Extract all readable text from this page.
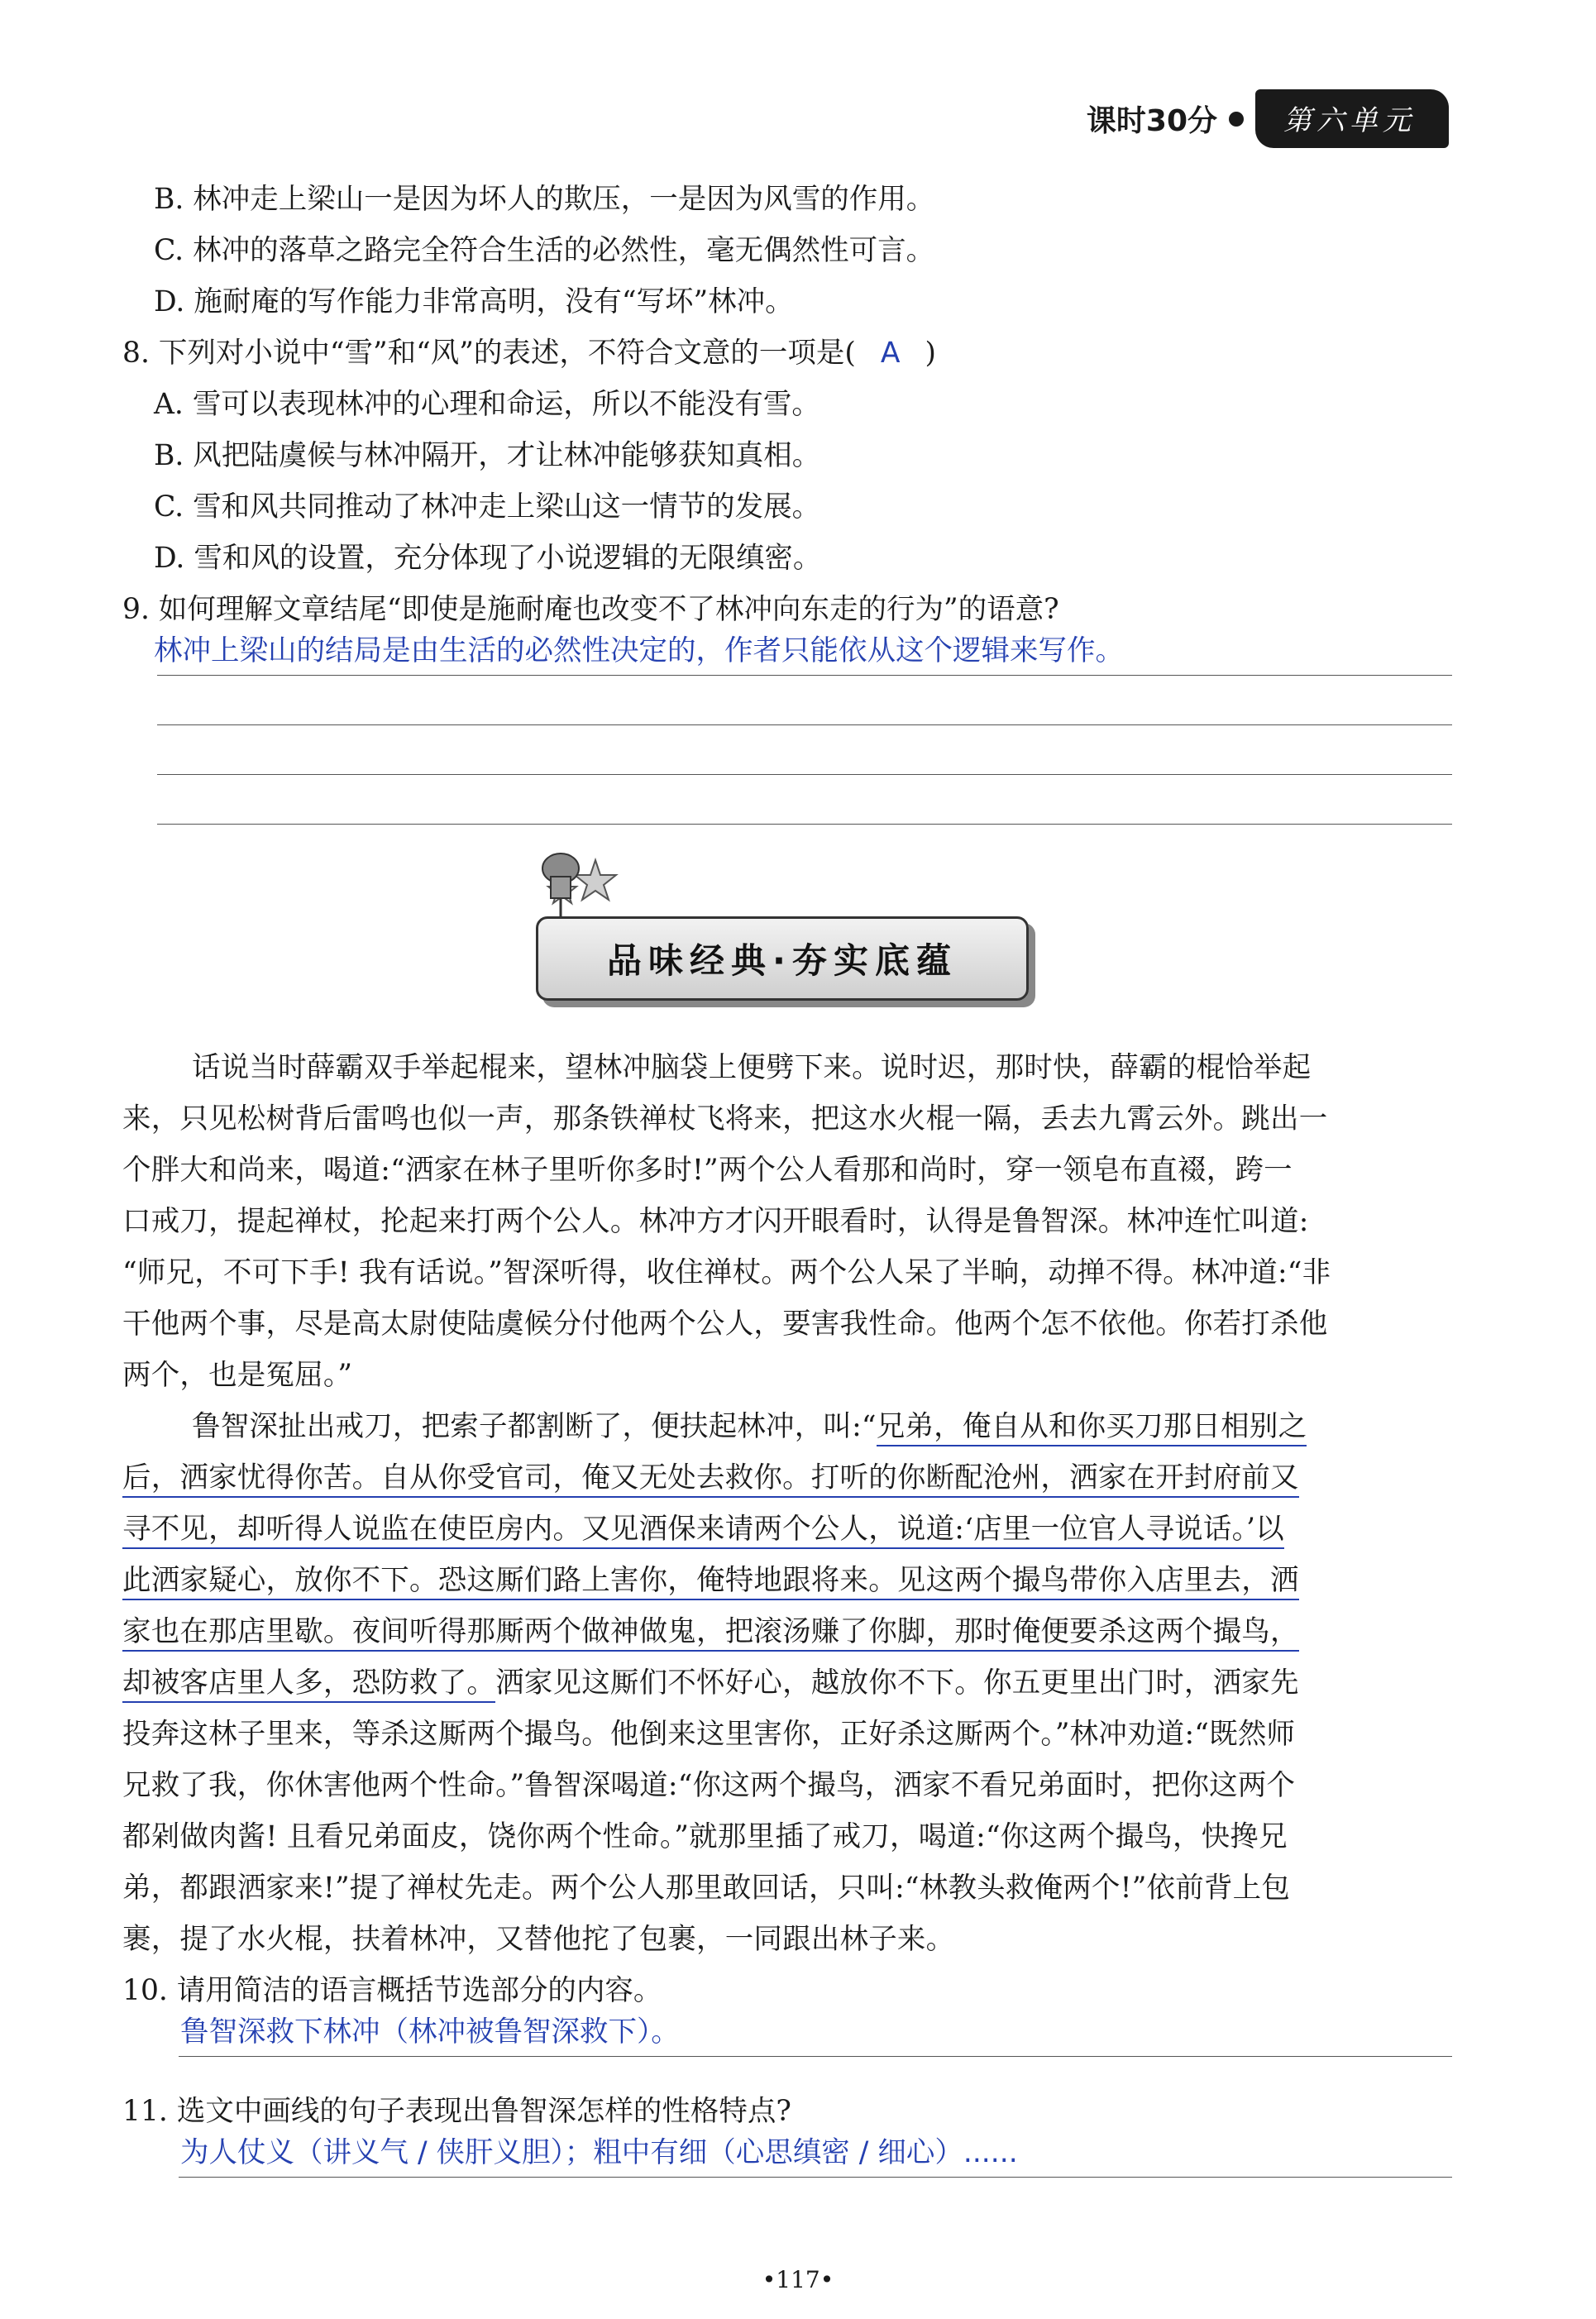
课时30分	第六单元
B. 林冲走上梁山一是因为坏人的欺压，一是因为风雪的作用。
C. 林冲的落草之路完全符合生活的必然性，毫无偶然性可言。
D. 施耐庵的写作能力非常高明，没有“写坏”林冲。
8. 下列对小说中“雪”和“风”的表述，不符合文意的一项是( A )
A. 雪可以表现林冲的心理和命运，所以不能没有雪。
B. 风把陆虞候与林冲隔开，才让林冲能够获知真相。
C. 雪和风共同推动了林冲走上梁山这一情节的发展。
D. 雪和风的设置，充分体现了小说逻辑的无限缜密。
9. 如何理解文章结尾“即使是施耐庵也改变不了林冲向东走的行为”的语意?
林冲上梁山的结局是由生活的必然性决定的，作者只能依从这个逻辑来写作。
品味经典·夯实底蕴
话说当时薛霸双手举起棍来，望林冲脑袋上便劈下来。说时迟，那时快，薛霸的棍恰举起
来，只见松树背后雷鸣也似一声，那条铁禅杖飞将来，把这水火棍一隔，丢去九霄云外。跳出一
个胖大和尚来，喝道:“洒家在林子里听你多时!”两个公人看那和尚时，穿一领皂布直裰，跨一
口戒刀，提起禅杖，抡起来打两个公人。林冲方才闪开眼看时，认得是鲁智深。林冲连忙叫道:
“师兄，不可下手! 我有话说。”智深听得，收住禅杖。两个公人呆了半晌，动掸不得。林冲道:“非
干他两个事，尽是高太尉使陆虞候分付他两个公人，要害我性命。他两个怎不依他。你若打杀他
两个，也是冤屈。”
鲁智深扯出戒刀，把索子都割断了，便扶起林冲，叫:“兄弟，俺自从和你买刀那日相别之
后，洒家忧得你苦。自从你受官司，俺又无处去救你。打听的你断配沧州，洒家在开封府前又
寻不见，却听得人说监在使臣房内。又见酒保来请两个公人，说道:‘店里一位官人寻说话。’以
此洒家疑心，放你不下。恐这厮们路上害你，俺特地跟将来。见这两个撮鸟带你入店里去，洒
家也在那店里歇。夜间听得那厮两个做神做鬼，把滚汤赚了你脚，那时俺便要杀这两个撮鸟，
却被客店里人多，恐防救了。洒家见这厮们不怀好心，越放你不下。你五更里出门时，洒家先
投奔这林子里来，等杀这厮两个撮鸟。他倒来这里害你，正好杀这厮两个。”林冲劝道:“既然师
兄救了我，你休害他两个性命。”鲁智深喝道:“你这两个撮鸟，洒家不看兄弟面时，把你这两个
都剁做肉酱! 且看兄弟面皮，饶你两个性命。”就那里插了戒刀，喝道:“你这两个撮鸟，快搀兄
弟，都跟洒家来!”提了禅杖先走。两个公人那里敢回话，只叫:“林教头救俺两个!”依前背上包
裹，提了水火棍，扶着林冲，又替他拕了包裹，一同跟出林子来。
10. 请用简洁的语言概括节选部分的内容。
鲁智深救下林冲（林冲被鲁智深救下）。
11. 选文中画线的句子表现出鲁智深怎样的性格特点?
为人仗义（讲义气 / 侠肝义胆）；粗中有细（心思缜密 / 细心）......
•117•
